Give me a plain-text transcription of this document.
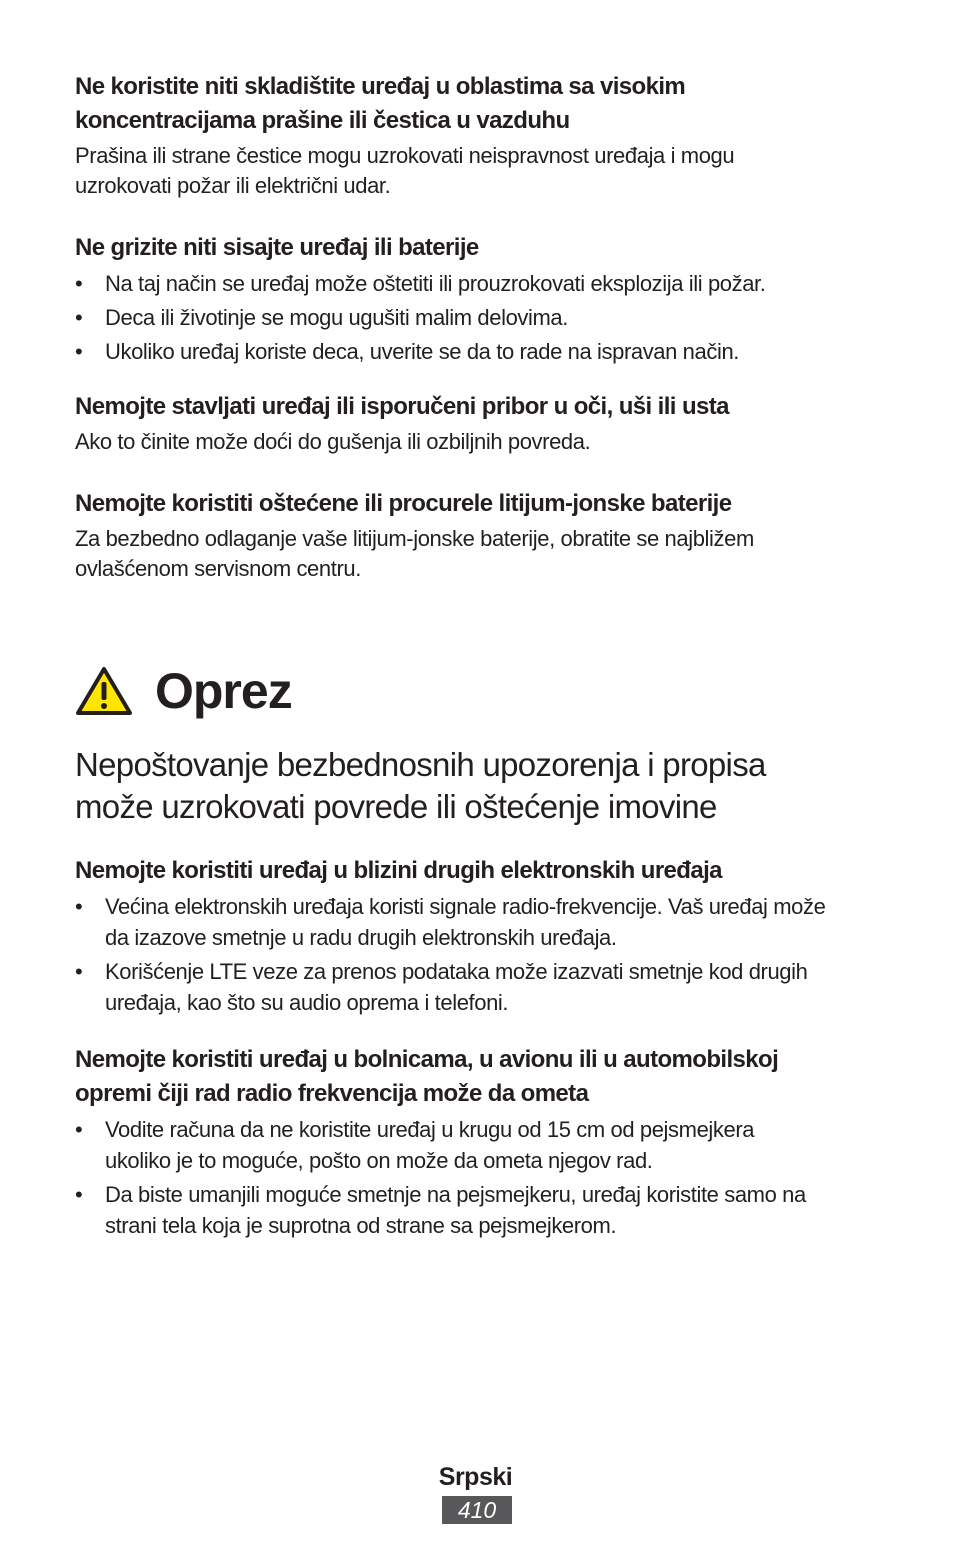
Ne koristite niti skladištite uređaj u oblastima sa visokim
koncentracijama prašine ili čestica u vazduhu
Prašina ili strane čestice mogu uzrokovati neispravnost uređaja i mogu
uzrokovati požar ili električni udar.
Ne grizite niti sisajte uređaj ili baterije
• Na taj način se uređaj može oštetiti ili prouzrokovati eksplozija ili požar.
• Deca ili životinje se mogu ugušiti malim delovima.
• Ukoliko uređaj koriste deca, uverite se da to rade na ispravan način.
Nemojte stavljati uređaj ili isporučeni pribor u oči, uši ili usta
Ako to činite može doći do gušenja ili ozbiljnih povreda.
Nemojte koristiti oštećene ili procurele litijum-jonske baterije
Za bezbedno odlaganje vaše litijum-jonske baterije, obratite se najbližem
ovlašćenom servisnom centru.
Oprez
Nepoštovanje bezbednosnih upozorenja i propisa
može uzrokovati povrede ili oštećenje imovine
Nemojte koristiti uređaj u blizini drugih elektronskih uređaja
• Većina elektronskih uređaja koristi signale radio-frekvencije. Vaš uređaj može
da izazove smetnje u radu drugih elektronskih uređaja.
• Korišćenje LTE veze za prenos podataka može izazvati smetnje kod drugih
uređaja, kao što su audio oprema i telefoni.
Nemojte koristiti uređaj u bolnicama, u avionu ili u automobilskoj
opremi čiji rad radio frekvencija može da ometa
• Vodite računa da ne koristite uređaj u krugu od 15 cm od pejsmejkera
ukoliko je to moguće, pošto on može da ometa njegov rad.
• Da biste umanjili moguće smetnje na pejsmejkeru, uređaj koristite samo na
strani tela koja je suprotna od strane sa pejsmejkerom.
Srpski
410
